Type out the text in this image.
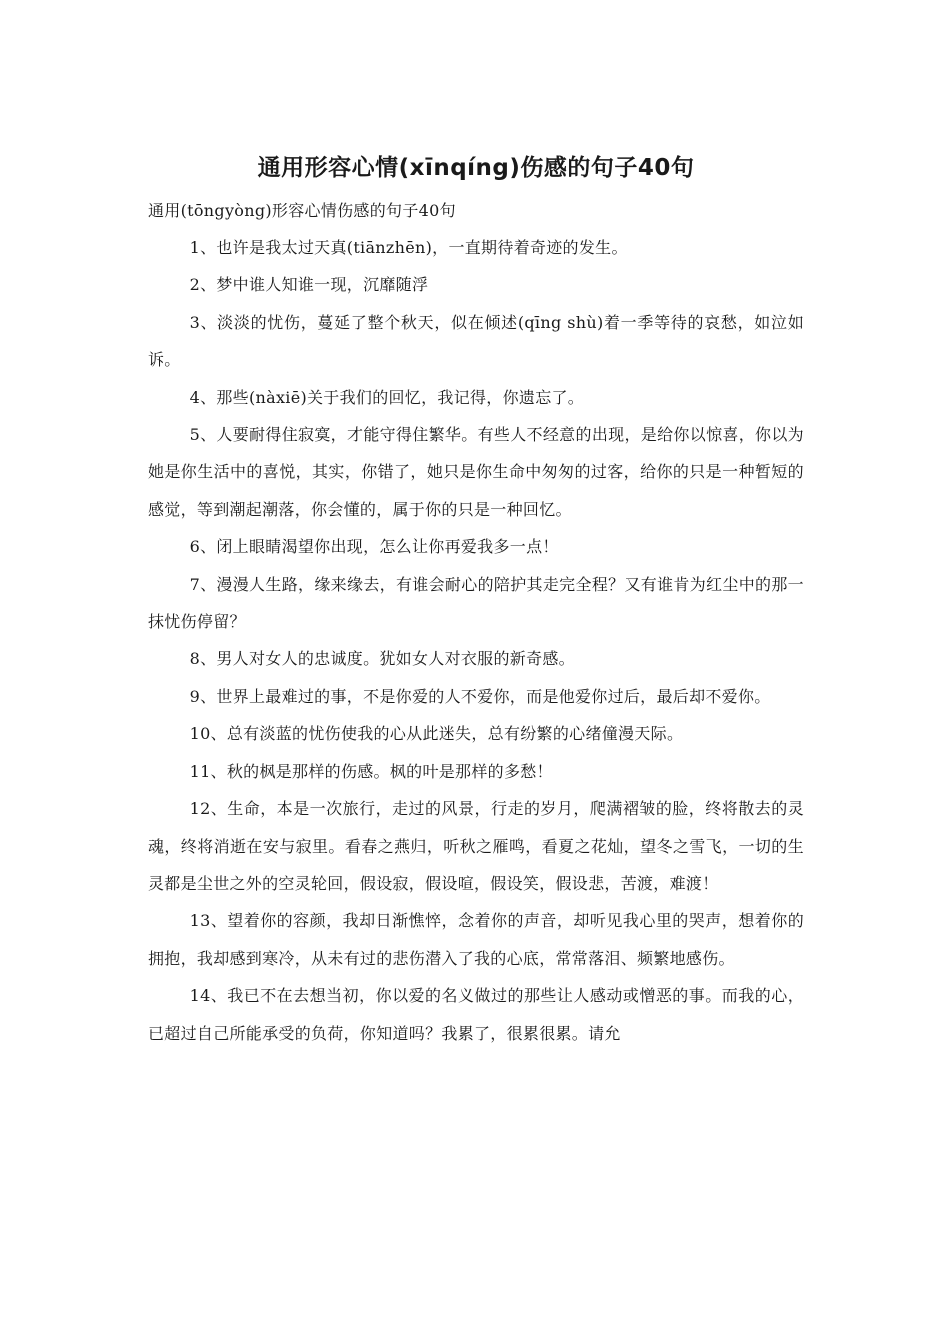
通用形容心情(xīnqíng)伤感的句子40句

通用(tōngyòng)形容心情伤感的句子40句

1、也许是我太过天真(tiānzhēn)，一直期待着奇迹的发生。

2、梦中谁人知谁一现，沉靡随浮

3、淡淡的忧伤，蔓延了整个秋天，似在倾述(qīng shù)着一季等待的哀愁，如泣如诉。

4、那些(nàxiē)关于我们的回忆，我记得，你遗忘了。

5、人要耐得住寂寞，才能守得住繁华。有些人不经意的出现，是给你以惊喜，你以为她是你生活中的喜悦，其实，你错了，她只是你生命中匆匆的过客，给你的只是一种暂短的感觉，等到潮起潮落，你会懂的，属于你的只是一种回忆。

6、闭上眼睛渴望你出现，怎么让你再爱我多一点！

7、漫漫人生路，缘来缘去，有谁会耐心的陪护其走完全程？又有谁肯为红尘中的那一抹忧伤停留？

8、男人对女人的忠诚度。犹如女人对衣服的新奇感。

9、世界上最难过的事，不是你爱的人不爱你，而是他爱你过后，最后却不爱你。

10、总有淡蓝的忧伤使我的心从此迷失，总有纷繁的心绪僮漫天际。

11、秋的枫是那样的伤感。枫的叶是那样的多愁！

12、生命，本是一次旅行，走过的风景，行走的岁月，爬满褶皱的脸，终将散去的灵魂，终将消逝在安与寂里。看春之燕归，听秋之雁鸣，看夏之花灿，望冬之雪飞，一切的生灵都是尘世之外的空灵轮回，假设寂，假设喧，假设笑，假设悲，苦渡，难渡！

13、望着你的容颜，我却日渐憔悴，念着你的声音，却听见我心里的哭声，想着你的拥抱，我却感到寒冷，从未有过的悲伤潜入了我的心底，常常落泪、频繁地感伤。

14、我已不在去想当初，你以爱的名义做过的那些让人感动或憎恶的事。而我的心，已超过自己所能承受的负荷，你知道吗？我累了，很累很累。请允
